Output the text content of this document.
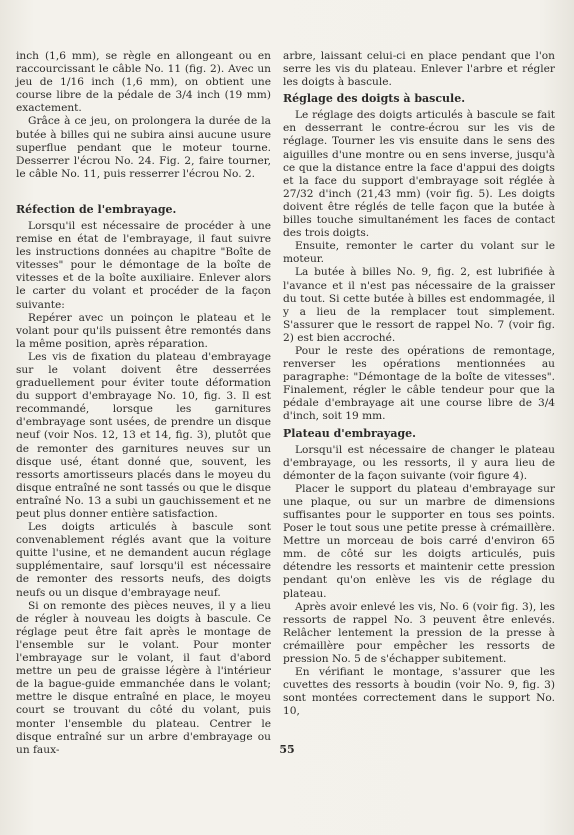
inch (1,6 mm), se règle en allongeant ou en raccourcissant le câble No. 11 (fig. 2). Avec un jeu de 1/16 inch (1,6 mm), on obtient une course libre de la pédale de 3/4 inch (19 mm) exactement.

Grâce à ce jeu, on prolongera la durée de la butée à billes qui ne subira ainsi aucune usure superflue pendant que le moteur tourne. Desserrer l'écrou No. 24. Fig. 2, faire tourner, le câble No. 11, puis resserrer l'écrou No. 2.

Réfection de l'embrayage.

Lorsqu'il est nécessaire de procéder à une remise en état de l'embrayage, il faut suivre les instructions données au chapitre "Boîte de vitesses" pour le démontage de la boîte de vitesses et de la boîte auxiliaire. Enlever alors le carter du volant et procéder de la façon suivante:

Repérer avec un poinçon le plateau et le volant pour qu'ils puissent être remontés dans la même position, après réparation.

Les vis de fixation du plateau d'embrayage sur le volant doivent être desserrées graduellement pour éviter toute déformation du support d'embrayage No. 10, fig. 3. Il est recommandé, lorsque les garnitures d'embrayage sont usées, de prendre un disque neuf (voir Nos. 12, 13 et 14, fig. 3), plutôt que de remonter des garnitures neuves sur un disque usé, étant donné que, souvent, les ressorts amortisseurs placés dans le moyeu du disque entraîné ne sont tassés ou que le disque entraîné No. 13 a subi un gauchissement et ne peut plus donner entière satisfaction.

Les doigts articulés à bascule sont convenablement réglés avant que la voiture quitte l'usine, et ne demandent aucun réglage supplémentaire, sauf lorsqu'il est nécessaire de remonter des ressorts neufs, des doigts neufs ou un disque d'embrayage neuf.

Si on remonte des pièces neuves, il y a lieu de régler à nouveau les doigts à bascule. Ce réglage peut être fait après le montage de l'ensemble sur le volant. Pour monter l'embrayage sur le volant, il faut d'abord mettre un peu de graisse légère à l'intérieur de la bague-guide emmanchée dans le volant; mettre le disque entraîné en place, le moyeu court se trouvant du côté du volant, puis monter l'ensemble du plateau. Centrer le disque entraîné sur un arbre d'embrayage ou un faux-

arbre, laissant celui-ci en place pendant que l'on serre les vis du plateau. Enlever l'arbre et régler les doigts à bascule.

Réglage des doigts à bascule.

Le réglage des doigts articulés à bascule se fait en desserrant le contre-écrou sur les vis de réglage. Tourner les vis ensuite dans le sens des aiguilles d'une montre ou en sens inverse, jusqu'à ce que la distance entre la face d'appui des doigts et la face du support d'embrayage soit réglée à 27/32 d'inch (21,43 mm) (voir fig. 5). Les doigts doivent être réglés de telle façon que la butée à billes touche simultanément les faces de contact des trois doigts.

Ensuite, remonter le carter du volant sur le moteur.

La butée à billes No. 9, fig. 2, est lubrifiée à l'avance et il n'est pas nécessaire de la graisser du tout. Si cette butée à billes est endommagée, il y a lieu de la remplacer tout simplement. S'assurer que le ressort de rappel No. 7 (voir fig. 2) est bien accroché.

Pour le reste des opérations de remontage, renverser les opérations mentionnées au paragraphe: "Démontage de la boîte de vitesses". Finalement, régler le câble tendeur pour que la pédale d'embrayage ait une course libre de 3/4 d'inch, soit 19 mm.

Plateau d'embrayage.

Lorsqu'il est nécessaire de changer le plateau d'embrayage, ou les ressorts, il y aura lieu de démonter de la façon suivante (voir figure 4).

Placer le support du plateau d'embrayage sur une plaque, ou sur un marbre de dimensions suffisantes pour le supporter en tous ses points. Poser le tout sous une petite presse à crémaillère. Mettre un morceau de bois carré d'environ 65 mm. de côté sur les doigts articulés, puis détendre les ressorts et maintenir cette pression pendant qu'on enlève les vis de réglage du plateau.

Après avoir enlevé les vis, No. 6 (voir fig. 3), les ressorts de rappel No. 3 peuvent être enlevés. Relâcher lentement la pression de la presse à crémaillère pour empêcher les ressorts de pression No. 5 de s'échapper subitement.

En vérifiant le montage, s'assurer que les cuvettes des ressorts à boudin (voir No. 9, fig. 3) sont montées correctement dans le support No. 10,

55
